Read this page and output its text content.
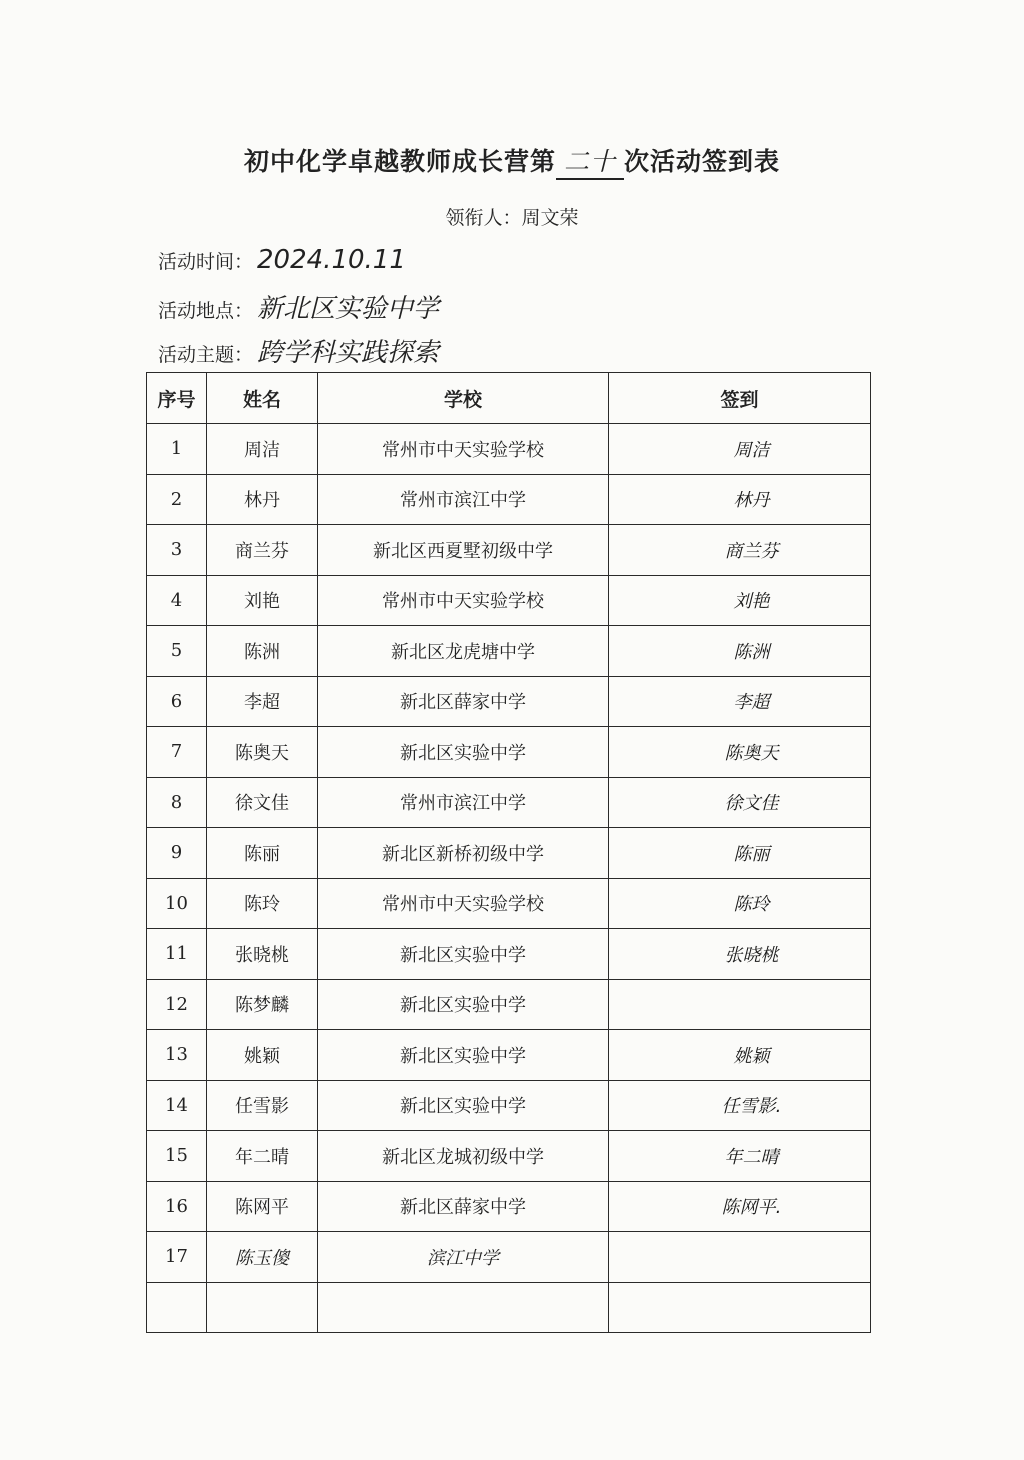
初中化学卓越教师成长营第 二十 次活动签到表
领衔人：周文荣
活动时间： 2024.10.11
活动地点： 新北区实验中学
活动主题： 跨学科实践探索
序号	姓名	学校	签到
1	周洁	常州市中天实验学校	周洁
2	林丹	常州市滨江中学	林丹
3	商兰芬	新北区西夏墅初级中学	商兰芬
4	刘艳	常州市中天实验学校	刘艳
5	陈洲	新北区龙虎塘中学	陈洲
6	李超	新北区薛家中学	李超
7	陈奥天	新北区实验中学	陈奥天
8	徐文佳	常州市滨江中学	徐文佳
9	陈丽	新北区新桥初级中学	陈丽
10	陈玲	常州市中天实验学校	陈玲
11	张晓桃	新北区实验中学	张晓桃
12	陈梦麟	新北区实验中学	
13	姚颖	新北区实验中学	姚颖
14	任雪影	新北区实验中学	任雪影.
15	年二晴	新北区龙城初级中学	年二晴
16	陈网平	新北区薛家中学	陈网平.
17	陈玉傻	滨江中学	
